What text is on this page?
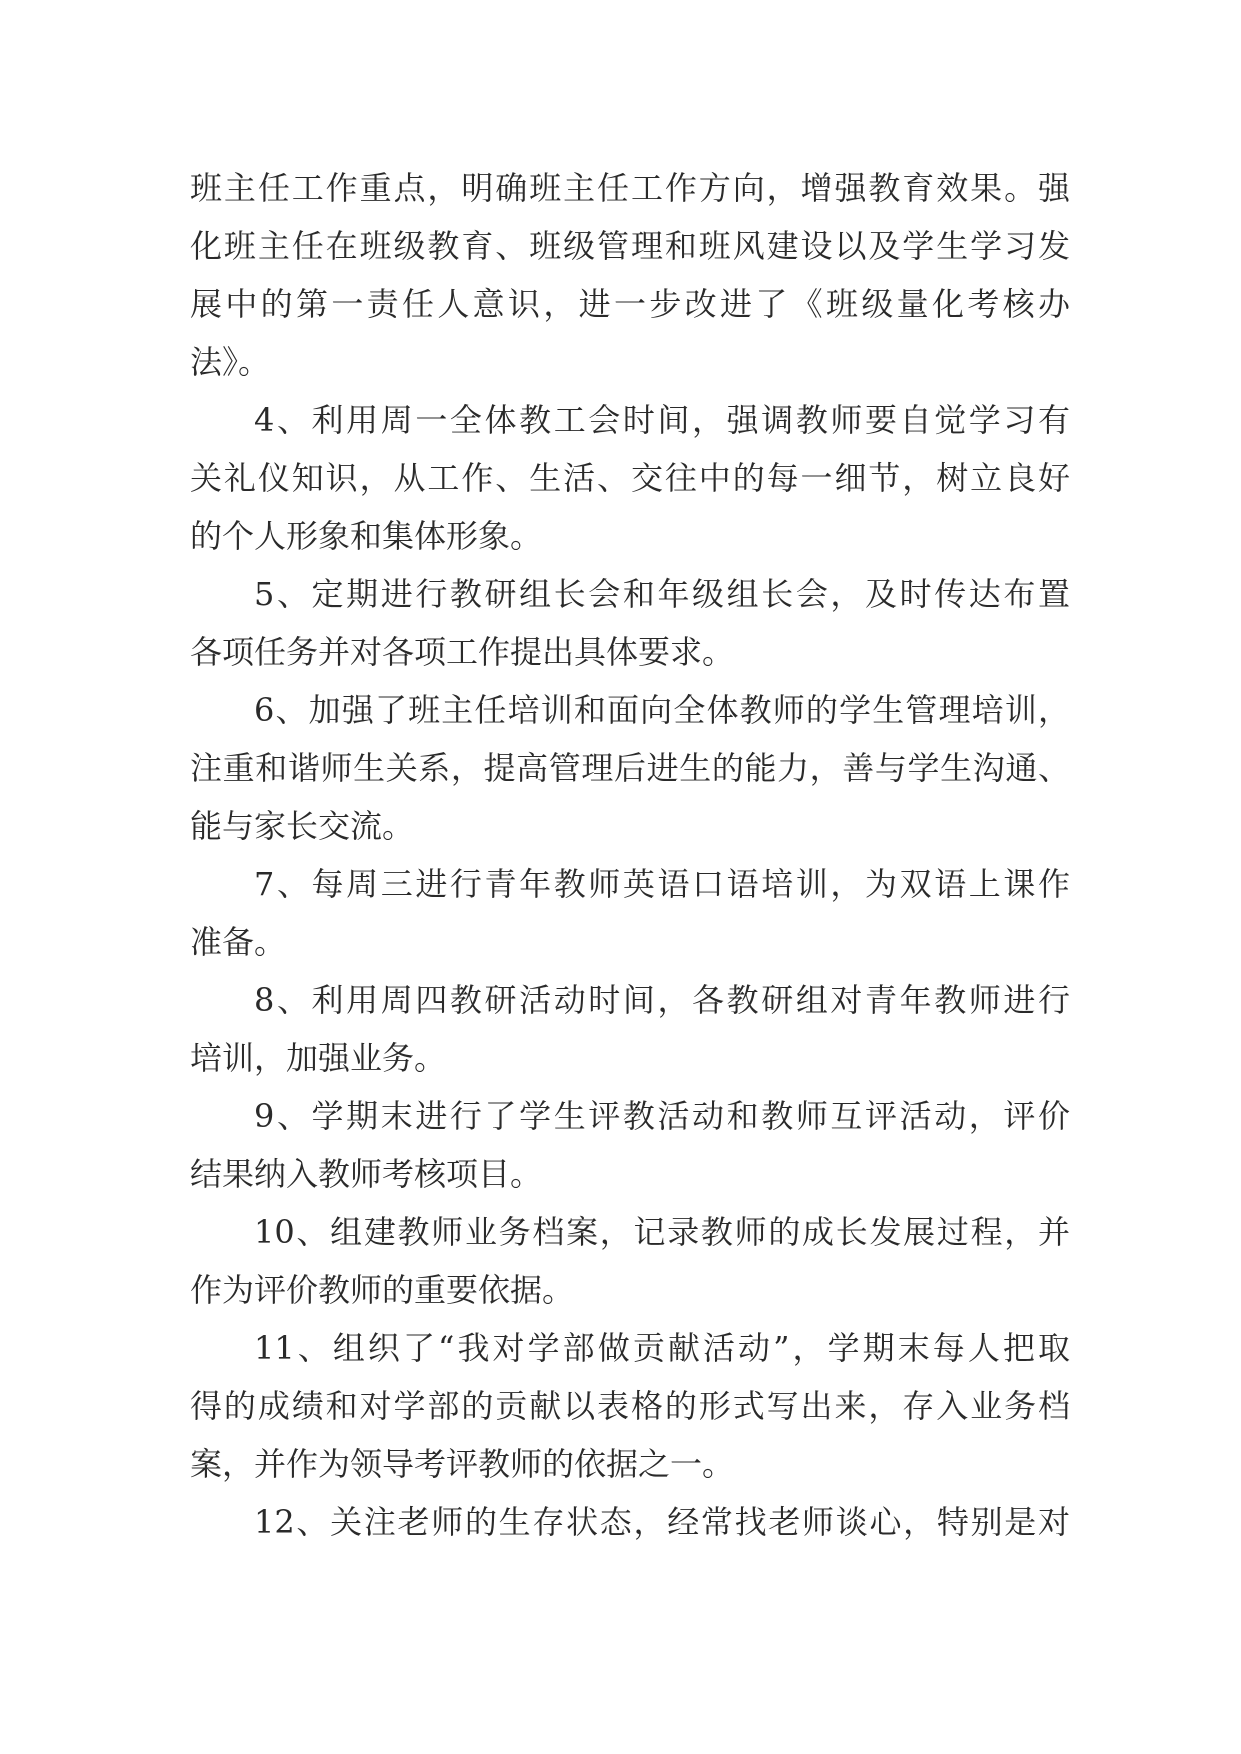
班主任工作重点，明确班主任工作方向，增强教育效果。强
化班主任在班级教育、班级管理和班风建设以及学生学习发
展中的第一责任人意识，进一步改进了《班级量化考核办
法》。
4、利用周一全体教工会时间，强调教师要自觉学习有
关礼仪知识，从工作、生活、交往中的每一细节，树立良好
的个人形象和集体形象。
5、定期进行教研组长会和年级组长会，及时传达布置
各项任务并对各项工作提出具体要求。
6、加强了班主任培训和面向全体教师的学生管理培训，
注重和谐师生关系，提高管理后进生的能力，善与学生沟通、
能与家长交流。
7、每周三进行青年教师英语口语培训，为双语上课作
准备。
8、利用周四教研活动时间，各教研组对青年教师进行
培训，加强业务。
9、学期末进行了学生评教活动和教师互评活动，评价
结果纳入教师考核项目。
10、组建教师业务档案，记录教师的成长发展过程，并
作为评价教师的重要依据。
11、组织了“我对学部做贡献活动”，学期末每人把取
得的成绩和对学部的贡献以表格的形式写出来，存入业务档
案，并作为领导考评教师的依据之一。
12、关注老师的生存状态，经常找老师谈心，特别是对
